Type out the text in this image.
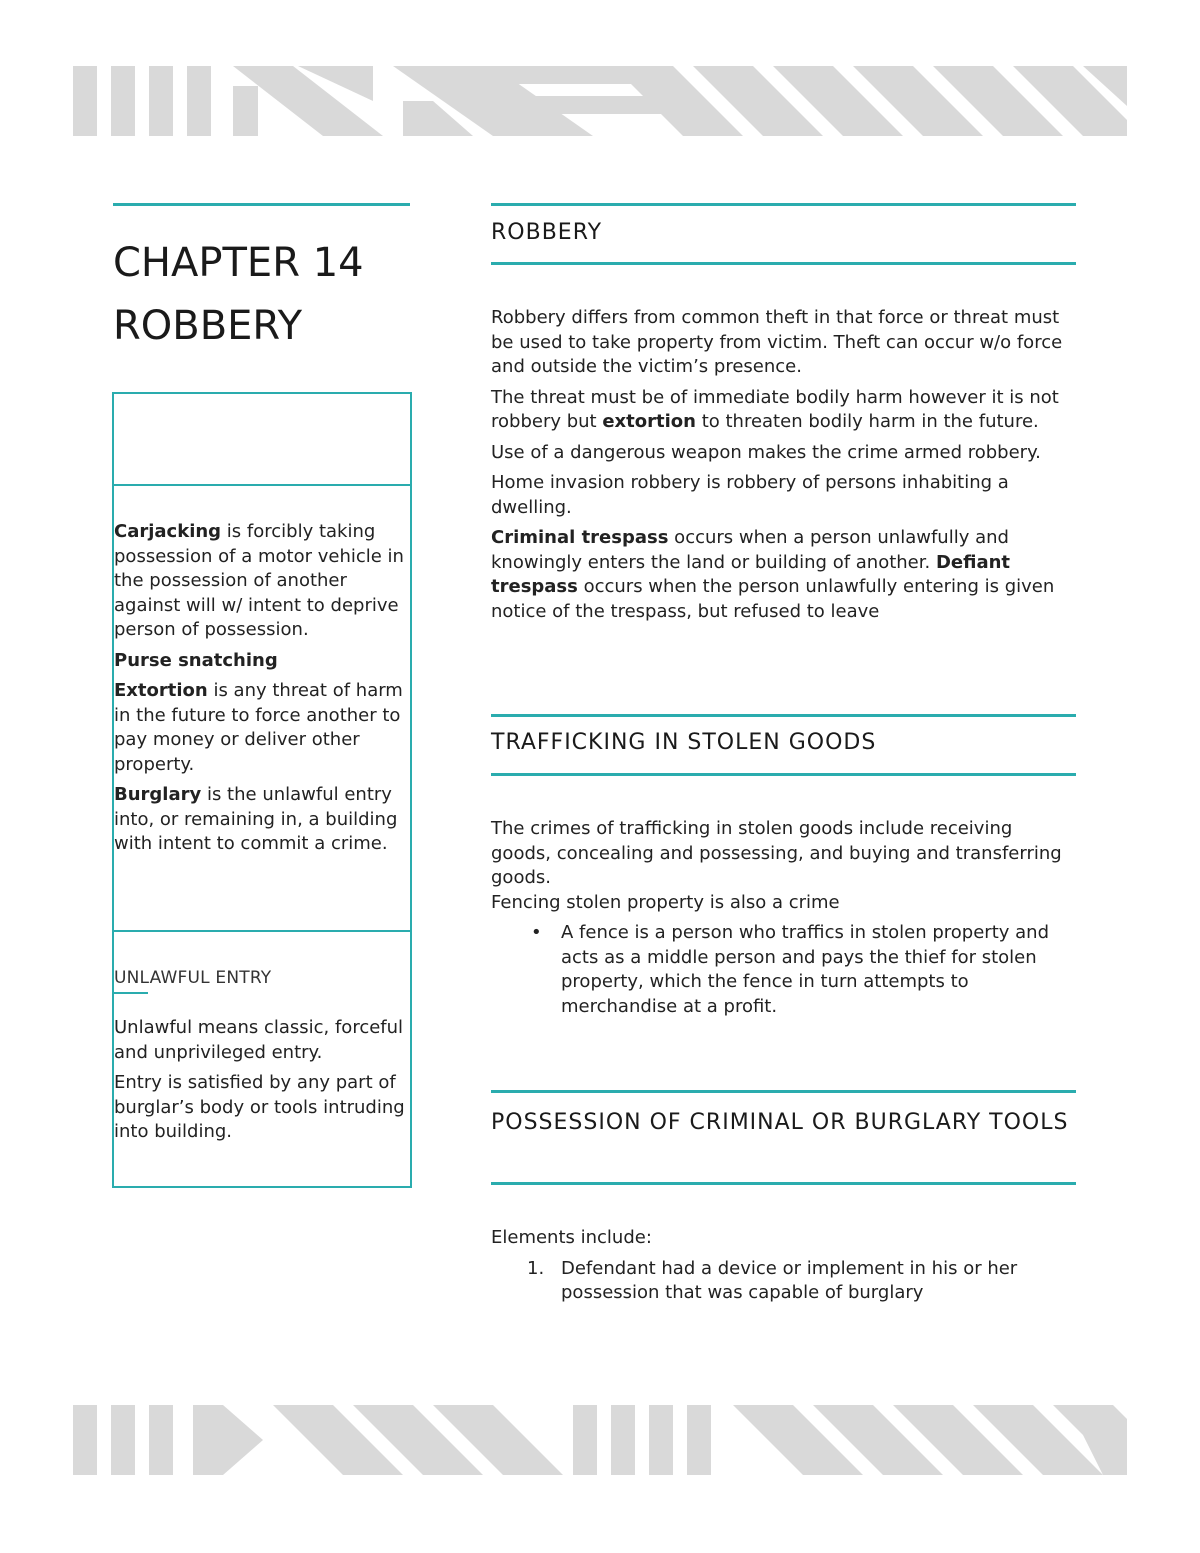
CHAPTER 14
ROBBERY

Carjacking is forcibly taking possession of a motor vehicle in the possession of another against will w/ intent to deprive person of possession.

Purse snatching

Extortion is any threat of harm in the future to force another to pay money or deliver other property.

Burglary is the unlawful entry into, or remaining in, a building with intent to commit a crime.

UNLAWFUL ENTRY

Unlawful means classic, forceful and unprivileged entry.

Entry is satisfied by any part of burglar’s body or tools intruding into building.

ROBBERY

Robbery differs from common theft in that force or threat must be used to take property from victim. Theft can occur w/o force and outside the victim’s presence.

The threat must be of immediate bodily harm however it is not robbery but extortion to threaten bodily harm in the future.

Use of a dangerous weapon makes the crime armed robbery.

Home invasion robbery is robbery of persons inhabiting a dwelling.

Criminal trespass occurs when a person unlawfully and knowingly enters the land or building of another. Defiant trespass occurs when the person unlawfully entering is given notice of the trespass, but refused to leave

TRAFFICKING IN STOLEN GOODS

The crimes of trafficking in stolen goods include receiving goods, concealing and possessing, and buying and transferring goods.

Fencing stolen property is also a crime

• A fence is a person who traffics in stolen property and acts as a middle person and pays the thief for stolen property, which the fence in turn attempts to merchandise at a profit.
POSSESSION OF CRIMINAL OR BURGLARY TOOLS

Elements include:

1. Defendant had a device or implement in his or her possession that was capable of burglary
